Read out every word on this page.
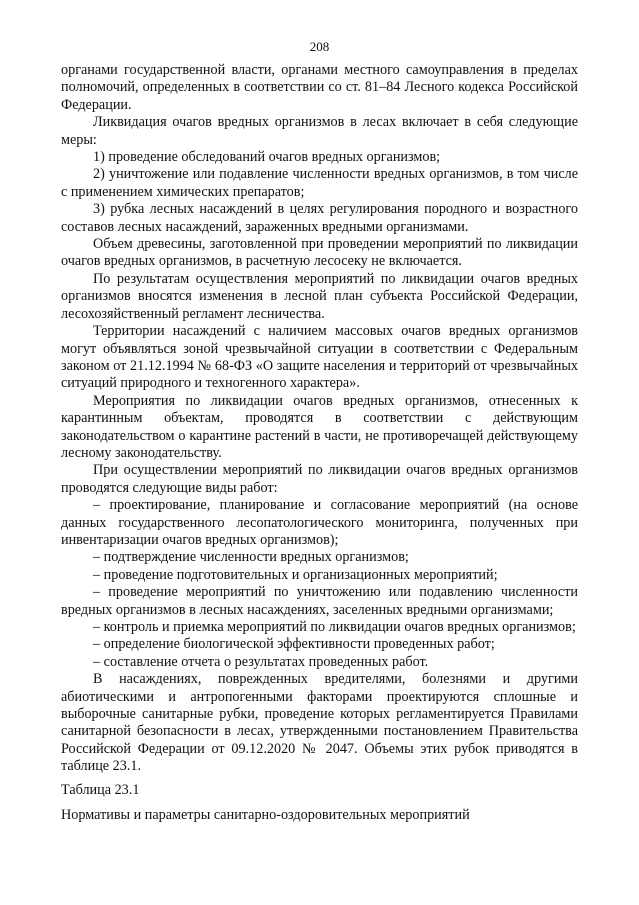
208

органами государственной власти, органами местного самоуправления в пределах полномочий, определенных в соответствии со ст. 81–84 Лесного кодекса Российской Федерации.

Ликвидация очагов вредных организмов в лесах включает в себя следующие меры:

1) проведение обследований очагов вредных организмов;

2) уничтожение или подавление численности вредных организмов, в том числе с применением химических препаратов;

3) рубка лесных насаждений в целях регулирования породного и возрастного составов лесных насаждений, зараженных вредными организмами.

Объем древесины, заготовленной при проведении мероприятий по ликвидации очагов вредных организмов, в расчетную лесосеку не включается.

По результатам осуществления мероприятий по ликвидации очагов вредных организмов вносятся изменения в лесной план субъекта Российской Федерации, лесохозяйственный регламент лесничества.

Территории насаждений с наличием массовых очагов вредных организмов могут объявляться зоной чрезвычайной ситуации в соответствии с Федеральным законом от 21.12.1994 № 68-ФЗ «О защите населения и территорий от чрезвычайных ситуаций природного и техногенного характера».

Мероприятия по ликвидации очагов вредных организмов, отнесенных к карантинным объектам, проводятся в соответствии с действующим законодательством о карантине растений в части, не противоречащей действующему лесному законодательству.

При осуществлении мероприятий по ликвидации очагов вредных организмов проводятся следующие виды работ:

– проектирование, планирование и согласование мероприятий (на основе данных государственного лесопатологического мониторинга, полученных при инвентаризации очагов вредных организмов);

– подтверждение численности вредных организмов;

– проведение подготовительных и организационных мероприятий;

– проведение мероприятий по уничтожению или подавлению численности вредных организмов в лесных насаждениях, заселенных вредными организмами;

– контроль и приемка мероприятий по ликвидации очагов вредных организмов;

– определение биологической эффективности проведенных работ;

– составление отчета о результатах проведенных работ.

В насаждениях, поврежденных вредителями, болезнями и другими абиотическими и антропогенными факторами проектируются сплошные и выборочные санитарные рубки, проведение которых регламентируется Правилами санитарной безопасности в лесах, утвержденными постановлением Правительства Российской Федерации от 09.12.2020 № 2047. Объемы этих рубок приводятся в таблице 23.1.

Таблица 23.1

Нормативы и параметры санитарно-оздоровительных мероприятий
